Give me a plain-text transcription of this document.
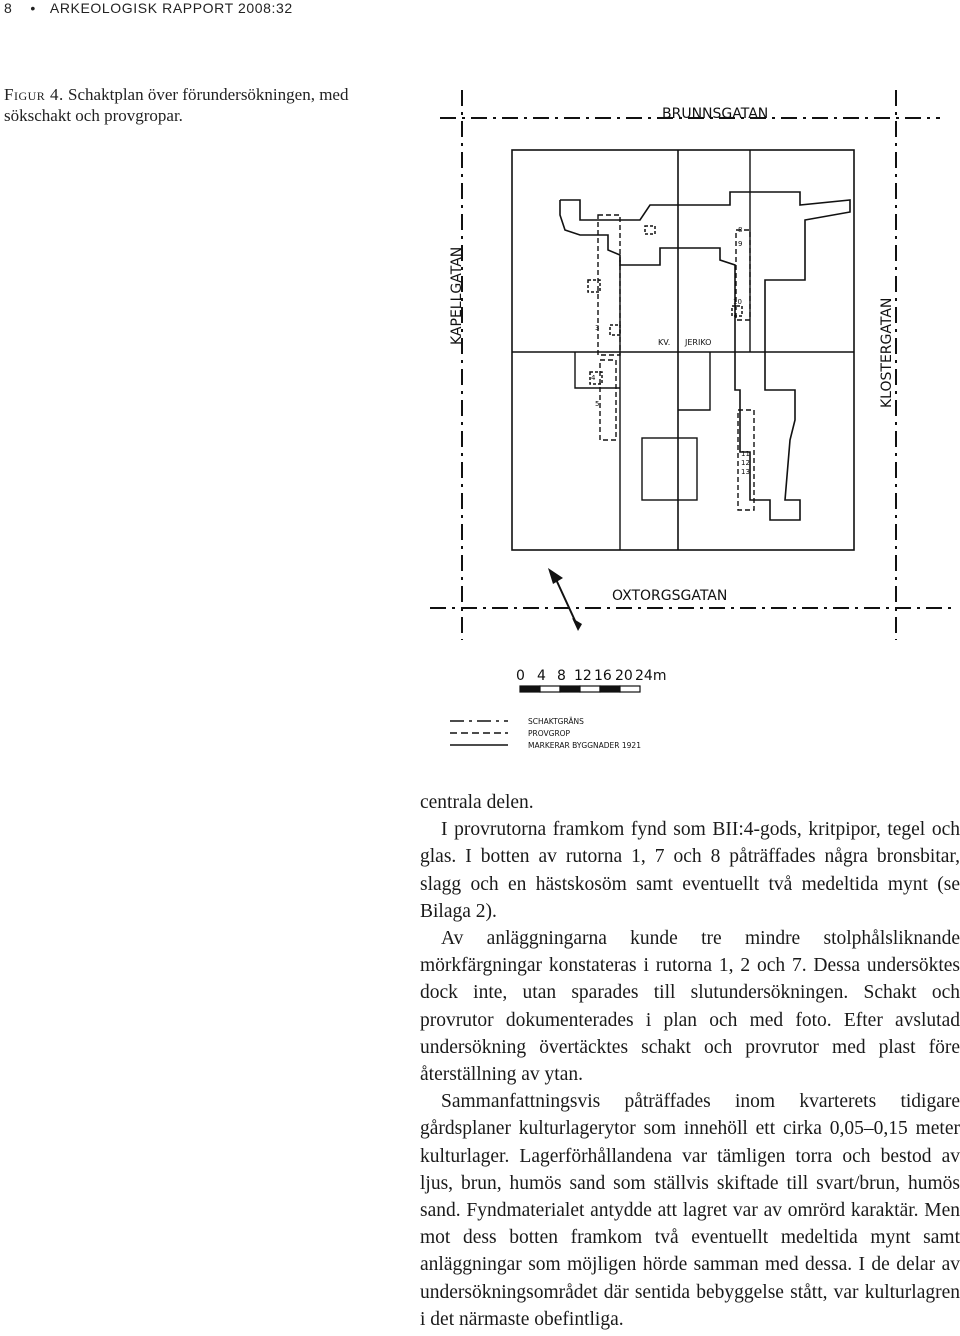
8 • ARKEOLOGISK RAPPORT 2008:32
Figur 4. Schaktplan över förundersökningen, med sökschakt och provgropar.	BRUNNSGATAN
OXTORGSGATAN
KAPELLGATAN
KLOSTERGATAN
KV. JERIKO
3
4
5
8
9
10
11
12
13
0 4 8 12 16 20 24m
SCHAKTGRÄNS
PROVGROP
MARKERAR BYGGNADER 1921

centrala delen.

I provrutorna framkom fynd som BII:4-gods, kritpipor, tegel och glas. I botten av rutorna 1, 7 och 8 påträffades några bronsbitar, slagg och en hästskosöm samt eventuellt två medeltida mynt (se Bilaga 2).

Av anläggningarna kunde tre mindre stolphålsliknande mörkfärgningar konstateras i rutorna 1, 2 och 7. Dessa undersöktes dock inte, utan sparades till slutundersökningen. Schakt och provrutor dokumenterades i plan och med foto. Efter avslutad undersökning övertäcktes schakt och provrutor med plast före återställning av ytan.

Sammanfattningsvis påträffades inom kvarterets tidigare gårdsplaner kulturlagerytor som innehöll ett cirka 0,05–0,15 meter kulturlager. Lagerförhållandena var tämligen torra och bestod av ljus, brun, humös sand som ställvis skiftade till svart/brun, humös sand. Fyndmaterialet antydde att lagret var av omrörd karaktär. Men mot dess botten framkom två eventuellt medeltida mynt samt anläggningar som möjligen hörde samman med dessa. I de delar av undersökningsområdet där sentida bebyggelse stått, var kulturlagren i det närmaste obefintliga.
